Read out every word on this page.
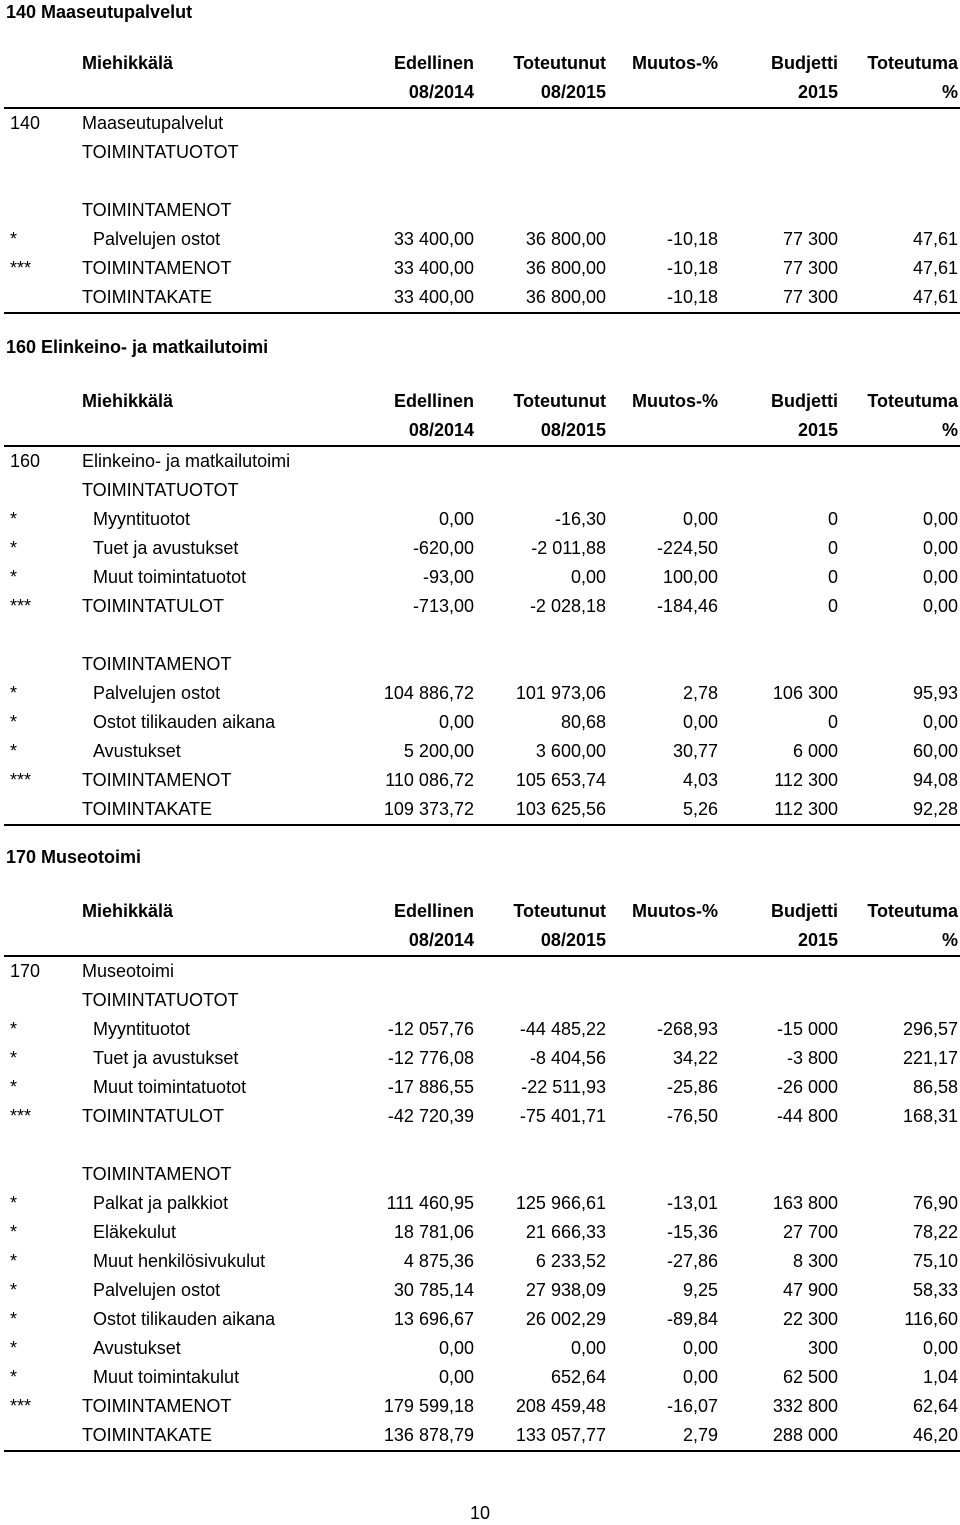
140 Maaseutupalvelut
	Miehikkälä	Edellinen	Toteutunut	Muutos-%	Budjetti	Toteutuma
		08/2014	08/2015		2015	%
140	Maaseutupalvelut					
	TOIMINTATUOTOT					

	TOIMINTAMENOT					
*	Palvelujen ostot	33 400,00	36 800,00	-10,18	77 300	47,61
***	TOIMINTAMENOT	33 400,00	36 800,00	-10,18	77 300	47,61
	TOIMINTAKATE	33 400,00	36 800,00	-10,18	77 300	47,61
160 Elinkeino- ja matkailutoimi
	Miehikkälä	Edellinen	Toteutunut	Muutos-%	Budjetti	Toteutuma
		08/2014	08/2015		2015	%
160	Elinkeino- ja matkailutoimi					
	TOIMINTATUOTOT					
*	Myyntituotot	0,00	-16,30	0,00	0	0,00
*	Tuet ja avustukset	-620,00	-2 011,88	-224,50	0	0,00
*	Muut toimintatuotot	-93,00	0,00	100,00	0	0,00
***	TOIMINTATULOT	-713,00	-2 028,18	-184,46	0	0,00

	TOIMINTAMENOT					
*	Palvelujen ostot	104 886,72	101 973,06	2,78	106 300	95,93
*	Ostot tilikauden aikana	0,00	80,68	0,00	0	0,00
*	Avustukset	5 200,00	3 600,00	30,77	6 000	60,00
***	TOIMINTAMENOT	110 086,72	105 653,74	4,03	112 300	94,08
	TOIMINTAKATE	109 373,72	103 625,56	5,26	112 300	92,28
170 Museotoimi
	Miehikkälä	Edellinen	Toteutunut	Muutos-%	Budjetti	Toteutuma
		08/2014	08/2015		2015	%
170	Museotoimi					
	TOIMINTATUOTOT					
*	Myyntituotot	-12 057,76	-44 485,22	-268,93	-15 000	296,57
*	Tuet ja avustukset	-12 776,08	-8 404,56	34,22	-3 800	221,17
*	Muut toimintatuotot	-17 886,55	-22 511,93	-25,86	-26 000	86,58
***	TOIMINTATULOT	-42 720,39	-75 401,71	-76,50	-44 800	168,31

	TOIMINTAMENOT					
*	Palkat ja palkkiot	111 460,95	125 966,61	-13,01	163 800	76,90
*	Eläkekulut	18 781,06	21 666,33	-15,36	27 700	78,22
*	Muut henkilösivukulut	4 875,36	6 233,52	-27,86	8 300	75,10
*	Palvelujen ostot	30 785,14	27 938,09	9,25	47 900	58,33
*	Ostot tilikauden aikana	13 696,67	26 002,29	-89,84	22 300	116,60
*	Avustukset	0,00	0,00	0,00	300	0,00
*	Muut toimintakulut	0,00	652,64	0,00	62 500	1,04
***	TOIMINTAMENOT	179 599,18	208 459,48	-16,07	332 800	62,64
	TOIMINTAKATE	136 878,79	133 057,77	2,79	288 000	46,20
10
